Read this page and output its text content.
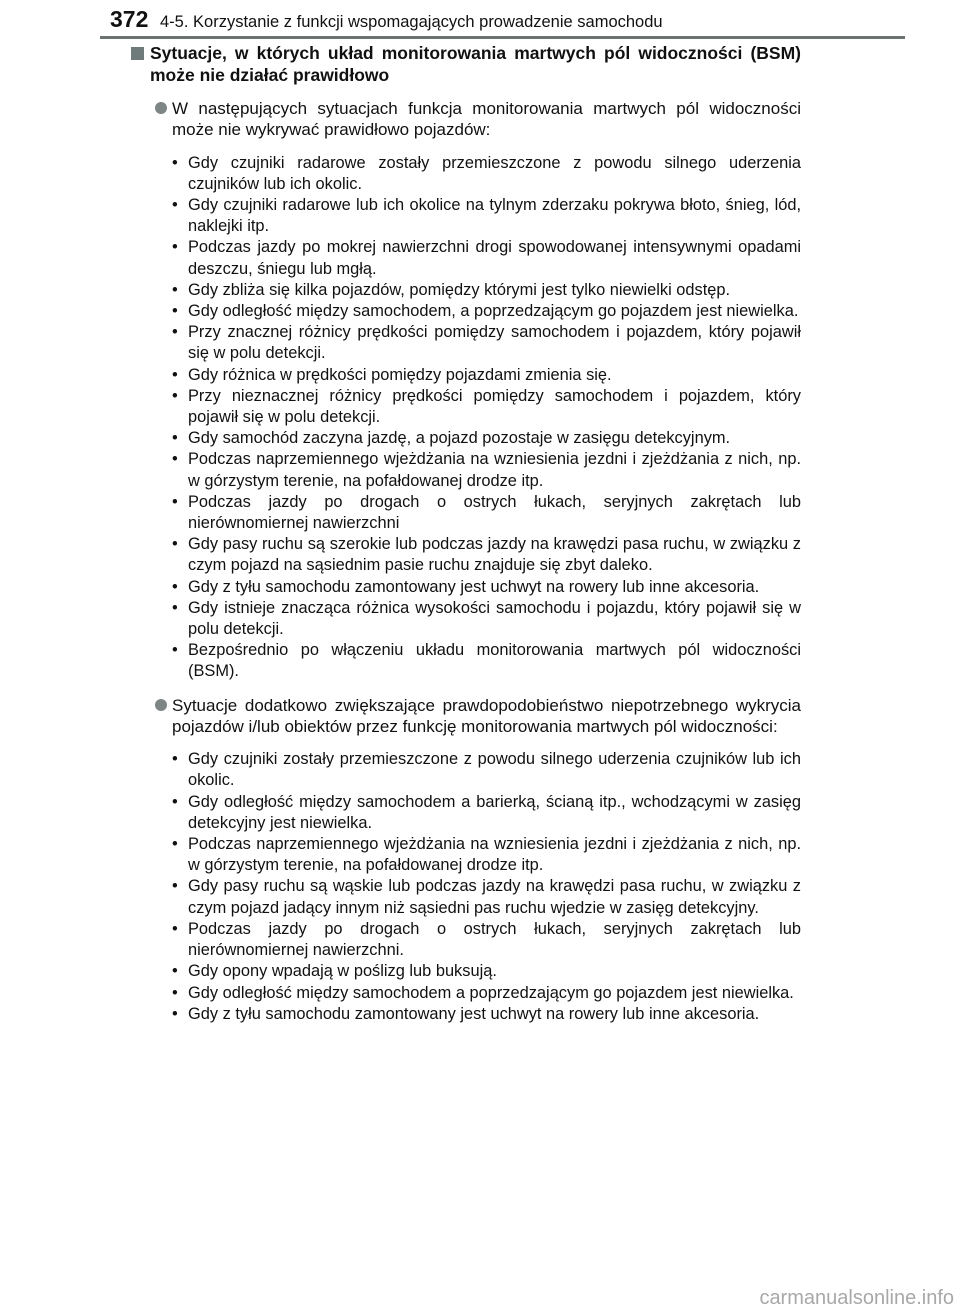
372 4-5. Korzystanie z funkcji wspomagających prowadzenie samochodu
Sytuacje, w których układ monitorowania martwych pól widoczności (BSM) może nie działać prawidłowo
W następujących sytuacjach funkcja monitorowania martwych pól widoczności może nie wykrywać prawidłowo pojazdów:
• Gdy czujniki radarowe zostały przemieszczone z powodu silnego uderzenia czujników lub ich okolic.
• Gdy czujniki radarowe lub ich okolice na tylnym zderzaku pokrywa błoto, śnieg, lód, naklejki itp.
• Podczas jazdy po mokrej nawierzchni drogi spowodowanej intensywnymi opadami deszczu, śniegu lub mgłą.
• Gdy zbliża się kilka pojazdów, pomiędzy którymi jest tylko niewielki odstęp.
• Gdy odległość między samochodem, a poprzedzającym go pojazdem jest niewielka.
• Przy znacznej różnicy prędkości pomiędzy samochodem i pojazdem, który pojawił się w polu detekcji.
• Gdy różnica w prędkości pomiędzy pojazdami zmienia się.
• Przy nieznacznej różnicy prędkości pomiędzy samochodem i pojazdem, który pojawił się w polu detekcji.
• Gdy samochód zaczyna jazdę, a pojazd pozostaje w zasięgu detekcyjnym.
• Podczas naprzemiennego wjeżdżania na wzniesienia jezdni i zjeżdżania z nich, np. w górzystym terenie, na pofałdowanej drodze itp.
• Podczas jazdy po drogach o ostrych łukach, seryjnych zakrętach lub nierównomiernej nawierzchni
• Gdy pasy ruchu są szerokie lub podczas jazdy na krawędzi pasa ruchu, w związku z czym pojazd na sąsiednim pasie ruchu znajduje się zbyt daleko.
• Gdy z tyłu samochodu zamontowany jest uchwyt na rowery lub inne akcesoria.
• Gdy istnieje znacząca różnica wysokości samochodu i pojazdu, który pojawił się w polu detekcji.
• Bezpośrednio po włączeniu układu monitorowania martwych pól widoczności (BSM).
Sytuacje dodatkowo zwiększające prawdopodobieństwo niepotrzebnego wykrycia pojazdów i/lub obiektów przez funkcję monitorowania martwych pól widoczności:
• Gdy czujniki zostały przemieszczone z powodu silnego uderzenia czujników lub ich okolic.
• Gdy odległość między samochodem a barierką, ścianą itp., wchodzącymi w zasięg detekcyjny jest niewielka.
• Podczas naprzemiennego wjeżdżania na wzniesienia jezdni i zjeżdżania z nich, np. w górzystym terenie, na pofałdowanej drodze itp.
• Gdy pasy ruchu są wąskie lub podczas jazdy na krawędzi pasa ruchu, w związku z czym pojazd jadący innym niż sąsiedni pas ruchu wjedzie w zasięg detekcyjny.
• Podczas jazdy po drogach o ostrych łukach, seryjnych zakrętach lub nierównomiernej nawierzchni.
• Gdy opony wpadają w poślizg lub buksują.
• Gdy odległość między samochodem a poprzedzającym go pojazdem jest niewielka.
• Gdy z tyłu samochodu zamontowany jest uchwyt na rowery lub inne akcesoria.
carmanualsonline.info
